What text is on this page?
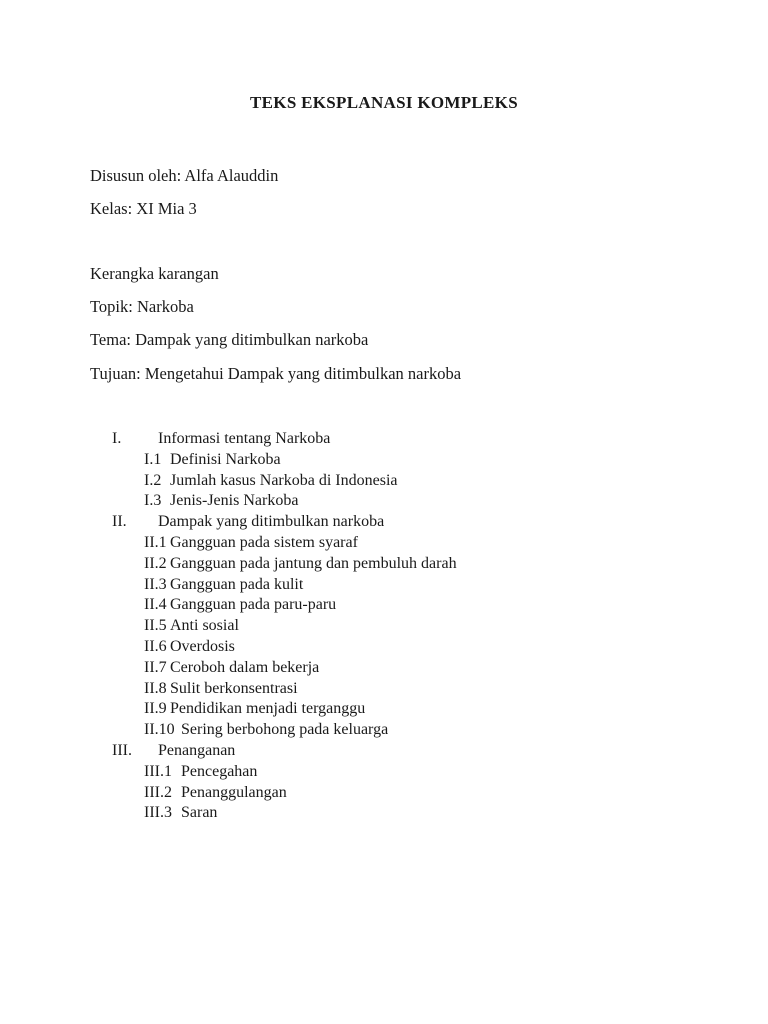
TEKS EKSPLANASI KOMPLEKS
Disusun oleh: Alfa Alauddin
Kelas: XI Mia 3
Kerangka karangan
Topik: Narkoba
Tema: Dampak yang ditimbulkan narkoba
Tujuan: Mengetahui Dampak yang ditimbulkan narkoba
I. Informasi tentang Narkoba
I.1 Definisi Narkoba
I.2 Jumlah kasus Narkoba di Indonesia
I.3 Jenis-Jenis Narkoba
II. Dampak yang ditimbulkan narkoba
II.1 Gangguan pada sistem syaraf
II.2 Gangguan pada jantung dan pembuluh darah
II.3 Gangguan pada kulit
II.4 Gangguan pada paru-paru
II.5 Anti sosial
II.6 Overdosis
II.7 Ceroboh dalam bekerja
II.8 Sulit berkonsentrasi
II.9 Pendidikan menjadi terganggu
II.10 Sering berbohong pada keluarga
III. Penanganan
III.1 Pencegahan
III.2 Penanggulangan
III.3 Saran
